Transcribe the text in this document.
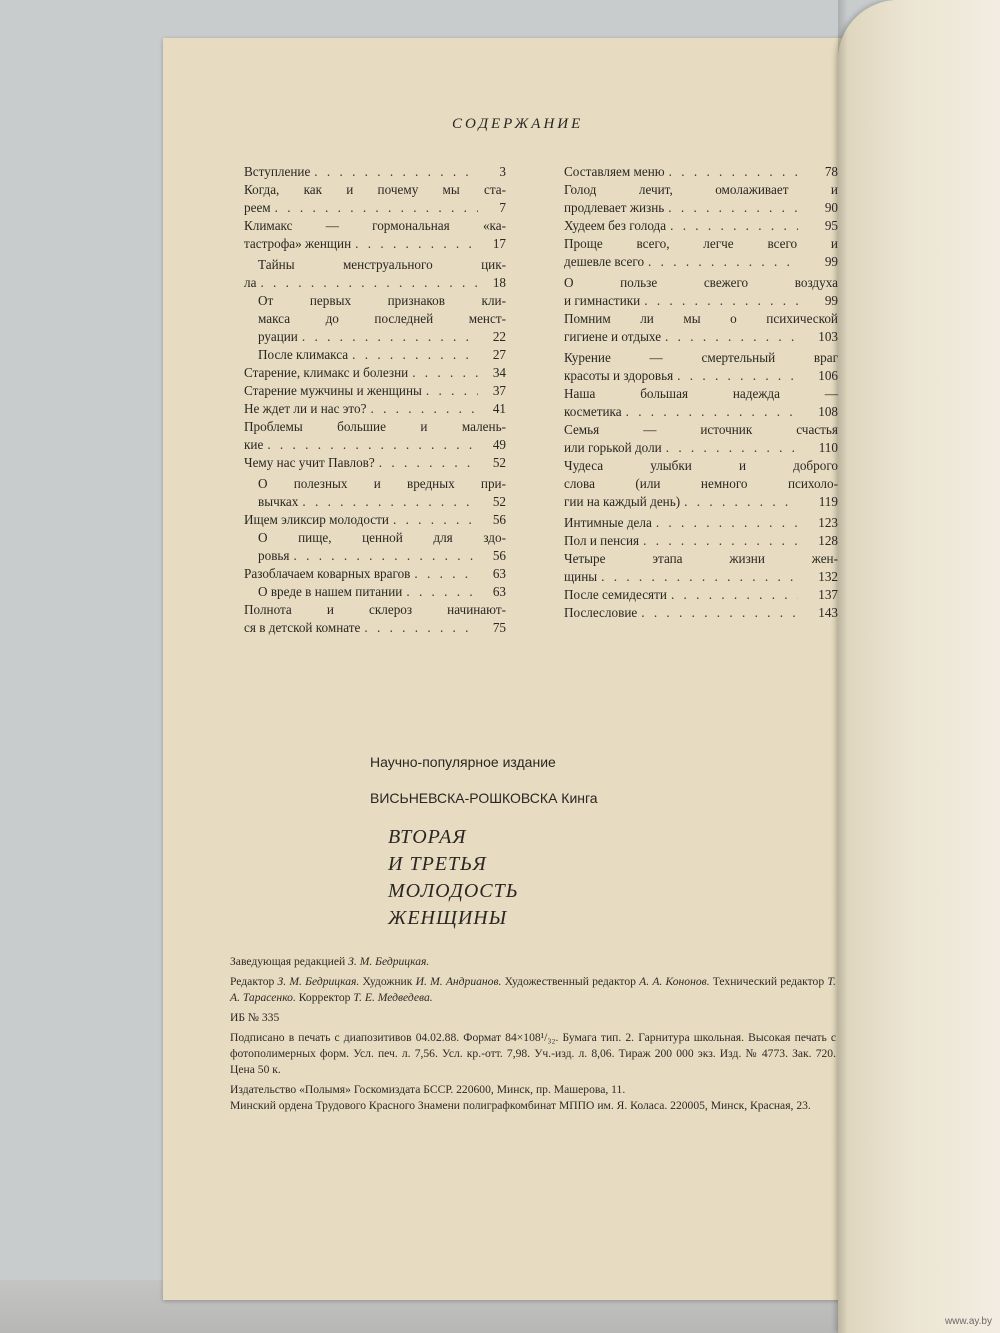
СОДЕРЖАНИЕ
Вступление . . .	3
Когда, как и почему мы ста-
реем . . .	7
Климакс — гормональная «ка-
тастрофа» женщин . . .	17
Тайны менструального цик-
ла . . .	18
От первых признаков кли-
макса до последней менст-
руации . . .	22
После климакса . . .	27
Старение, климакс и болезни . . .	34
Старение мужчины и женщины . . .	37
Не ждет ли и нас это? . . .	41
Проблемы большие и малень-
кие . . .	49
Чему нас учит Павлов? . . .	52
О полезных и вредных при-
вычках . . .	52
Ищем эликсир молодости . . .	56
О пище, ценной для здо-
ровья . . .	56
Разоблачаем коварных врагов . . .	63
О вреде в нашем питании . . .	63
Полнота и склероз начинают-
ся в детской комнате . . .	75
Составляем меню . . .	78
Голод лечит, омолаживает и
продлевает жизнь . . .	90
Худеем без голода . . .	95
Проще всего, легче всего и
дешевле всего . . .	99
О пользе свежего воздуха
и гимнастики . . .	99
Помним ли мы о психической
гигиене и отдыхе . . .	103
Курение — смертельный враг
красоты и здоровья . . .	106
Наша большая надежда —
косметика . . .	108
Семья — источник счастья
или горькой доли . . .	110
Чудеса улыбки и доброго
слова (или немного психоло-
гии на каждый день) . . .	119
Интимные дела . . .	123
Пол и пенсия . . .	128
Четыре этапа жизни жен-
щины . . .	132
После семидесяти . . .	137
Послесловие . . .	143
Научно-популярное издание
ВИСЬНЕВСКА-РОШКОВСКА Кинга
ВТОРАЯ
И ТРЕТЬЯ
МОЛОДОСТЬ
ЖЕНЩИНЫ

Заведующая редакцией З. М. Бедрицкая.

Редактор З. М. Бедрицкая. Художник И. М. Андрианов. Художественный редактор А. А. Кононов. Технический редактор Т. А. Тарасенко. Корректор Т. Е. Медведева.

ИБ № 335

Подписано в печать с диапозитивов 04.02.88. Формат 84×108¹/₃₂. Бумага тип. 2. Гарнитура школьная. Высокая печать с фотополимерных форм. Усл. печ. л. 7,56. Усл. кр.-отт. 7,98. Уч.-изд. л. 8,06. Тираж 200 000 экз. Изд. № 4773. Зак. 720. Цена 50 к.

Издательство «Полымя» Госкомиздата БССР. 220600, Минск, пр. Машерова, 11.

Минский ордена Трудового Красного Знамени полиграфкомбинат МППО им. Я. Коласа. 220005, Минск, Красная, 23.

www.ay.by
